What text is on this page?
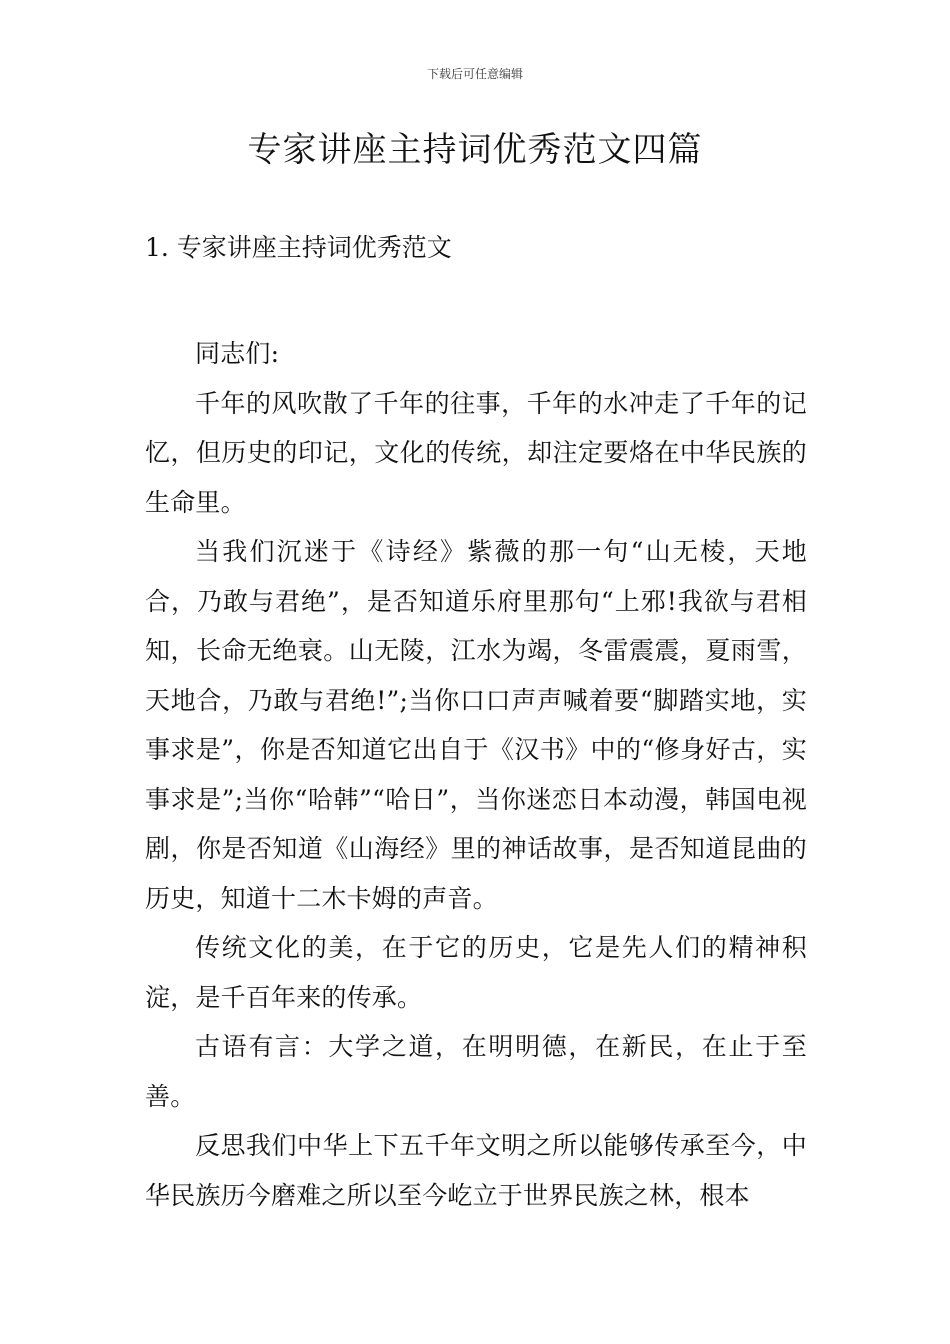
下载后可任意编辑
专家讲座主持词优秀范文四篇
1. 专家讲座主持词优秀范文

同志们:

千年的风吹散了千年的往事，千年的水冲走了千年的记忆，但历史的印记，文化的传统，却注定要烙在中华民族的生命里。

当我们沉迷于《诗经》紫薇的那一句“山无棱，天地合，乃敢与君绝”，是否知道乐府里那句“上邪!我欲与君相知，长命无绝衰。山无陵，江水为竭，冬雷震震，夏雨雪，天地合，乃敢与君绝!”;当你口口声声喊着要“脚踏实地，实事求是”，你是否知道它出自于《汉书》中的“修身好古，实事求是”;当你“哈韩”“哈日”，当你迷恋日本动漫，韩国电视剧，你是否知道《山海经》里的神话故事，是否知道昆曲的历史，知道十二木卡姆的声音。

传统文化的美，在于它的历史，它是先人们的精神积淀，是千百年来的传承。

古语有言：大学之道，在明明德，在新民，在止于至善。

反思我们中华上下五千年文明之所以能够传承至今，中华民族历今磨难之所以至今屹立于世界民族之林，根本
